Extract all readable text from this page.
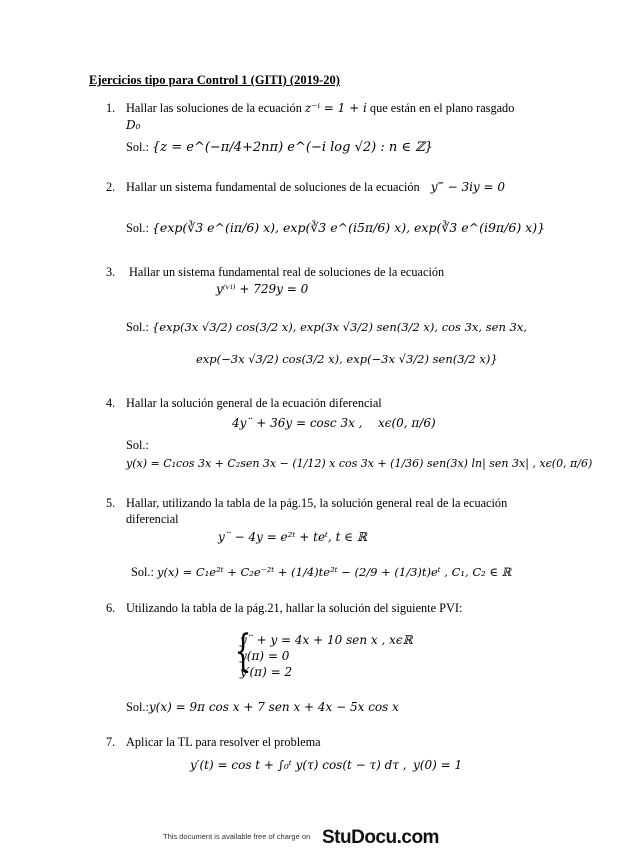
Ejercicios tipo para Control 1 (GITI) (2019-20)
1. Hallar las soluciones de la ecuación z⁻ⁱ = 1 + i que están en el plano rasgado
D₀
Sol.: {z = e^(−π/4+2nπ) e^(−i log √2) : n ∈ ℤ}
2. Hallar un sistema fundamental de soluciones de la ecuación y‴ − 3iy = 0
Sol.: {exp(∛3 e^(iπ/6) x), exp(∛3 e^(i5π/6) x), exp(∛3 e^(i9π/6) x)}
3. Hallar un sistema fundamental real de soluciones de la ecuación
y⁽ᵛⁱ⁾ + 729y = 0
Sol.: {exp(3x √3/2) cos(3/2 x), exp(3x √3/2) sen(3/2 x), cos 3x, sen 3x,
exp(−3x √3/2) cos(3/2 x), exp(−3x √3/2) sen(3/2 x)}
4. Hallar la solución general de la ecuación diferencial
4y¨ + 36y = cosc 3x , xϵ(0, π/6)
Sol.:
y(x) = C₁cos 3x + C₂sen 3x − (1/12) x cos 3x + (1/36) sen(3x) ln| sen 3x| , xϵ(0, π/6)
5. Hallar, utilizando la tabla de la pág.15, la solución general real de la ecuación
diferencial
y¨ − 4y = e²ᵗ + teᵗ, t ∈ ℝ
Sol.: y(x) = C₁e²ᵗ + C₂e⁻²ᵗ + (1/4)te²ᵗ − (2/9 + (1/3)t)eᵗ , C₁, C₂ ∈ ℝ
6. Utilizando la tabla de la pág.21, hallar la solución del siguiente PVI:
{
y¨ + y = 4x + 10 sen x , xϵℝ
y(π) = 0
y′(π) = 2
Sol.:y(x) = 9π cos x + 7 sen x + 4x − 5x cos x
7. Aplicar la TL para resolver el problema
y′(t) = cos t + ∫₀ᵗ y(τ) cos(t − τ) dτ , y(0) = 1
This document is available free of charge on StuDocu.com
